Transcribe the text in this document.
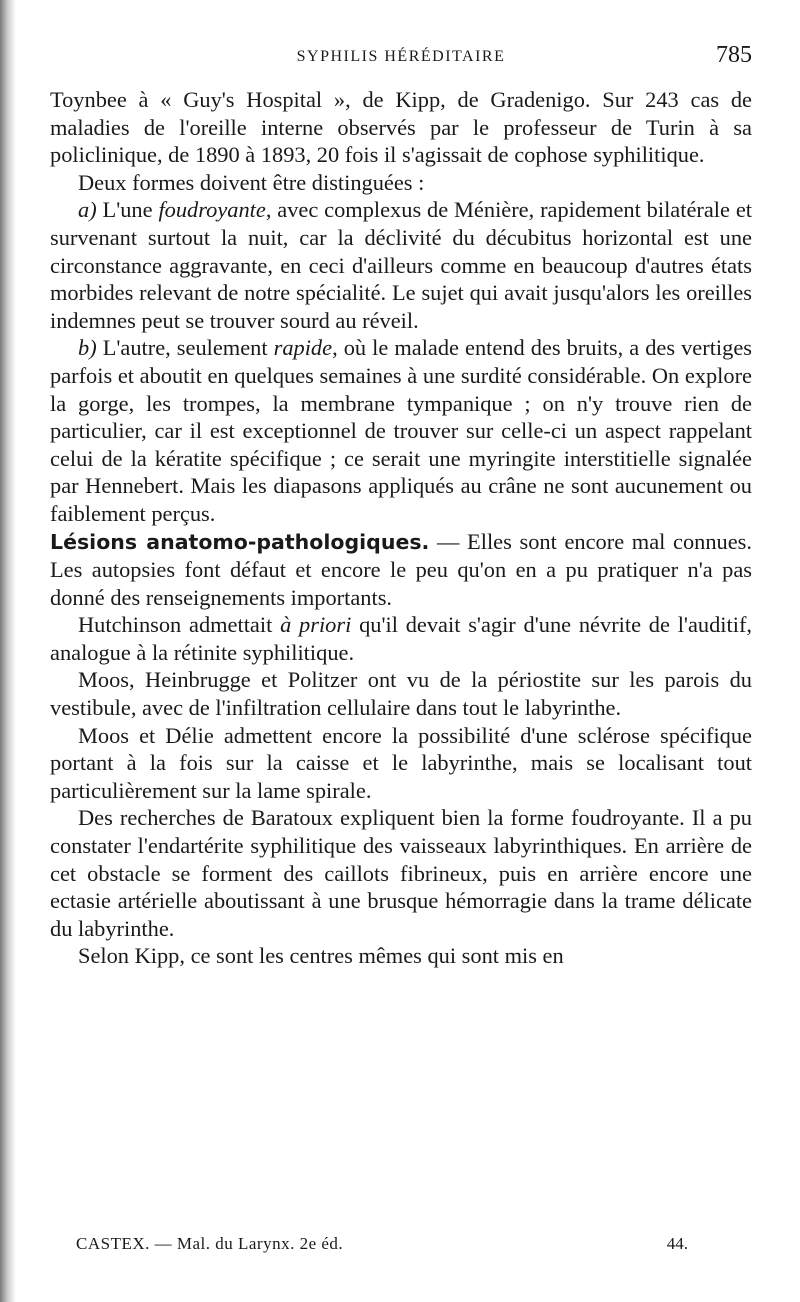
SYPHILIS HÉRÉDITAIRE	785

Toynbee à « Guy's Hospital », de Kipp, de Gradenigo. Sur 243 cas de maladies de l'oreille interne observés par le professeur de Turin à sa policlinique, de 1890 à 1893, 20 fois il s'agissait de cophose syphilitique.

Deux formes doivent être distinguées :

a) L'une foudroyante, avec complexus de Ménière, rapidement bilatérale et survenant surtout la nuit, car la déclivité du décubitus horizontal est une circonstance aggravante, en ceci d'ailleurs comme en beaucoup d'autres états morbides relevant de notre spécialité. Le sujet qui avait jusqu'alors les oreilles indemnes peut se trouver sourd au réveil.

b) L'autre, seulement rapide, où le malade entend des bruits, a des vertiges parfois et aboutit en quelques semaines à une surdité considérable. On explore la gorge, les trompes, la membrane tympanique ; on n'y trouve rien de particulier, car il est exceptionnel de trouver sur celle-ci un aspect rappelant celui de la kératite spécifique ; ce serait une myringite interstitielle signalée par Hennebert. Mais les diapasons appliqués au crâne ne sont aucunement ou faiblement perçus.

Lésions anatomo-pathologiques. — Elles sont encore mal connues. Les autopsies font défaut et encore le peu qu'on en a pu pratiquer n'a pas donné des renseignements importants.

Hutchinson admettait à priori qu'il devait s'agir d'une névrite de l'auditif, analogue à la rétinite syphilitique.

Moos, Heinbrugge et Politzer ont vu de la périostite sur les parois du vestibule, avec de l'infiltration cellulaire dans tout le labyrinthe.

Moos et Délie admettent encore la possibilité d'une sclérose spécifique portant à la fois sur la caisse et le labyrinthe, mais se localisant tout particulièrement sur la lame spirale.

Des recherches de Baratoux expliquent bien la forme foudroyante. Il a pu constater l'endartérite syphilitique des vaisseaux labyrinthiques. En arrière de cet obstacle se forment des caillots fibrineux, puis en arrière encore une ectasie artérielle aboutissant à une brusque hémorragie dans la trame délicate du labyrinthe.

Selon Kipp, ce sont les centres mêmes qui sont mis en

CASTEX. — Mal. du Larynx. 2e éd.	44.
